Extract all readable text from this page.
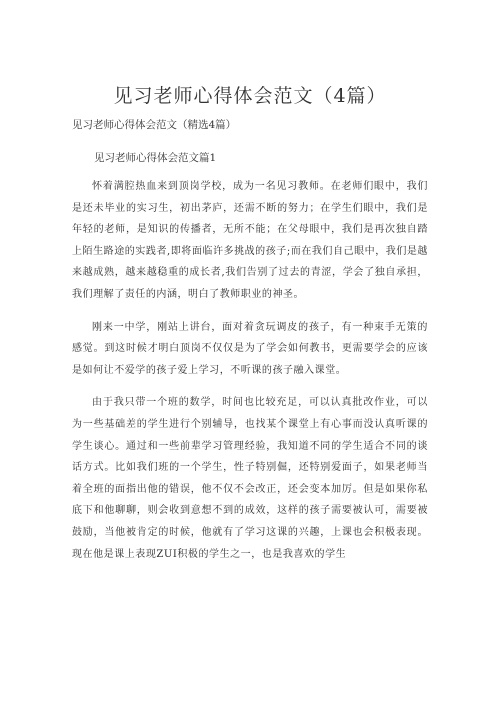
见习老师心得体会范文（4篇）
见习老师心得体会范文（精选4篇）
见习老师心得体会范文篇1

怀着满腔热血来到顶岗学校，成为一名见习教师。在老师们眼中，我们是还未毕业的实习生，初出茅庐，还需不断的努力；在学生们眼中，我们是年轻的老师，是知识的传播者，无所不能；在父母眼中，我们是再次独自踏上陌生路途的实践者,即将面临许多挑战的孩子;而在我们自己眼中，我们是越来越成熟，越来越稳重的成长者,我们告别了过去的青涩，学会了独自承担，我们理解了责任的内涵，明白了教师职业的神圣。

刚来一中学，刚站上讲台，面对着贪玩调皮的孩子，有一种束手无策的感觉。到这时候才明白顶岗不仅仅是为了学会如何教书，更需要学会的应该是如何让不爱学的孩子爱上学习，不听课的孩子融入课堂。

由于我只带一个班的数学，时间也比较充足，可以认真批改作业，可以为一些基础差的学生进行个别辅导，也找某个课堂上有心事而没认真听课的学生谈心。通过和一些前辈学习管理经验，我知道不同的学生适合不同的谈话方式。比如我们班的一个学生，性子特别倔，还特别爱面子，如果老师当着全班的面指出他的错误，他不仅不会改正，还会变本加厉。但是如果你私底下和他聊聊，则会收到意想不到的成效，这样的孩子需要被认可，需要被鼓励，当他被肯定的时候，他就有了学习这课的兴趣，上课也会积极表现。现在他是课上表现ZUI积极的学生之一，也是我喜欢的学生
